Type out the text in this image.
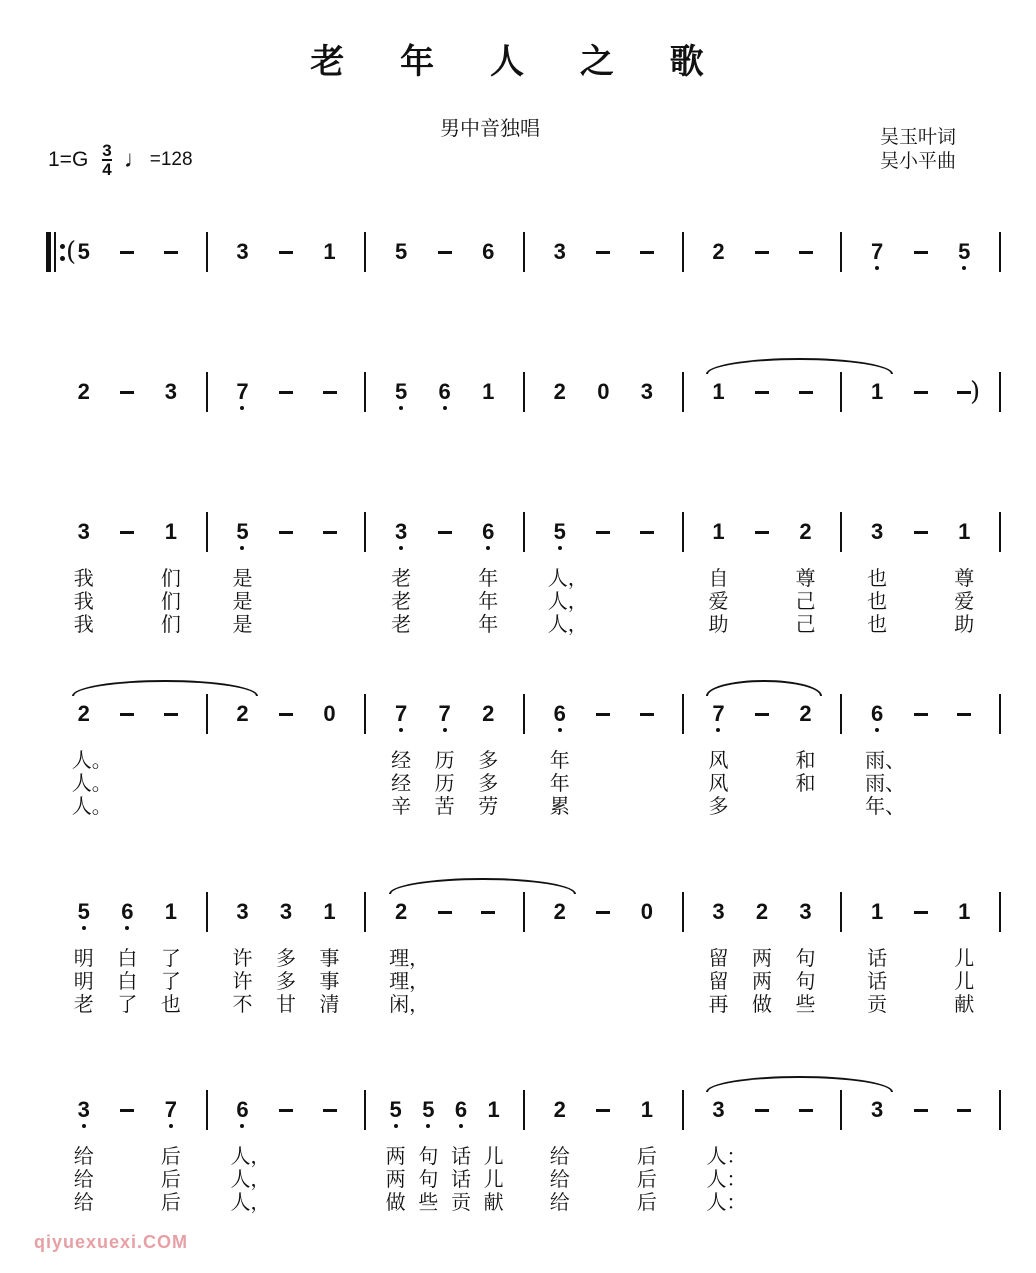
老 年 人 之 歌
男中音独唱	吴玉叶词
吴小平曲
$1=G \frac{3}{4}$ ♩ =128
5	3	1	5	6	3	2	7	5
(
2	3	7	5 6 1	2 0 3	1	1	)
3	1	5	3	6	5	1	2	3	1
我	们	是	老	年 人，	自	尊	也	尊
我	们	是	老	年 人，	爱	己	也	爱
我	们	是	老	年 人，	助	己	也	助
2	2	0	7 7 2	6	7	2	6
人。	经 历 多	年	风	和 雨、
人。	经 历 多	年	风	和 雨、
人。	辛 苦 劳	累	多	年、
5 6 1	3 3 1	2	2	0	3 2 3	1	1
明 白 了	许 多 事 理，	留 两 句	话	儿
明 白 了	许 多 事 理，	留 两 句	话	儿
老 了 也	不 甘 清 闲，	再 做 些	贡	献
3	7	6	5 5 6 1 2	1	3	3
给	后 人，	两 句 话 儿 给	后 人：
给	后 人，	两 句 话 儿 给	后 人：
给	后 人，	做 些 贡 献 给	后 人：
qiyuexuexi.COM
